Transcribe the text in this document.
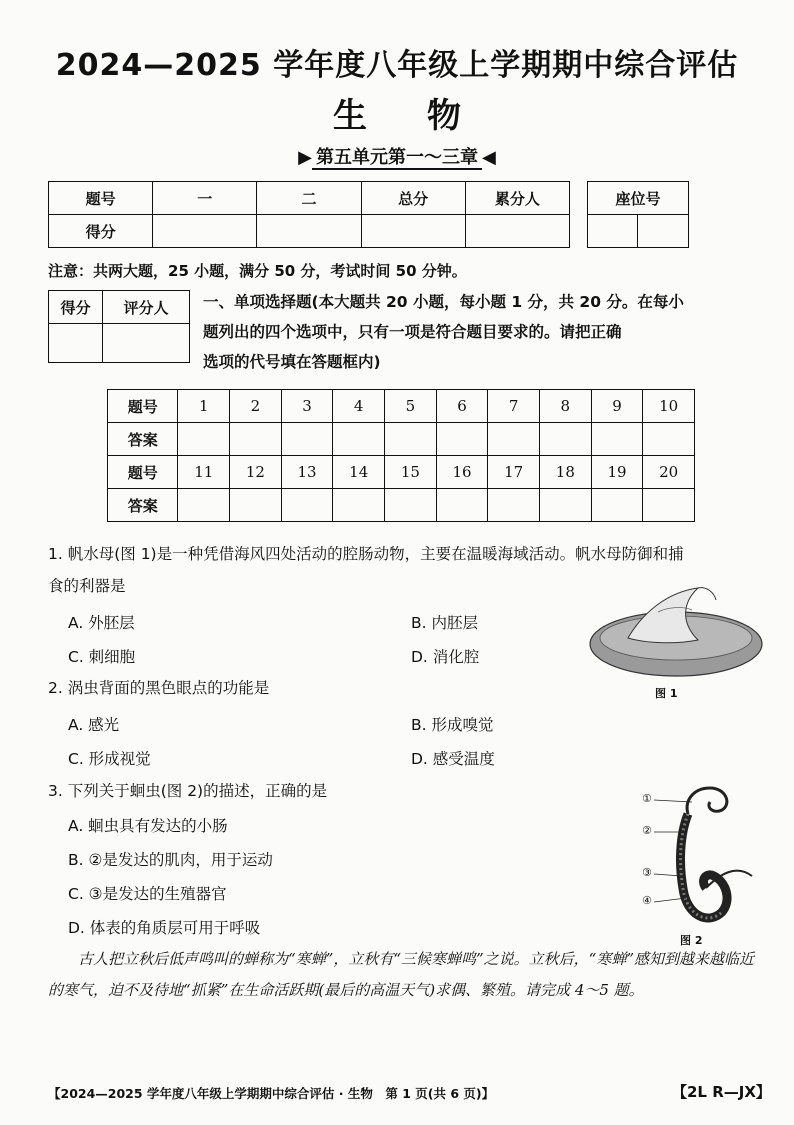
2024—2025 学年度八年级上学期期中综合评估
生物
▶ 第五单元第一～三章 ◀
题号	一	二	总分	累分人
得分				
座位号

注意：共两大题，25 小题，满分 50 分，考试时间 50 分钟。
得分	评分人
	一、单项选择题(本大题共 20 小题，每小题 1 分，共 20 分。在每小
题列出的四个选项中，只有一项是符合题目要求的。请把正确
选项的代号填在答题框内)
题号	1	2	3	4	5	6	7	8	9	10
答案										
题号	11	12	13	14	15	16	17	18	19	20
答案										
1. 帆水母(图 1)是一种凭借海风四处活动的腔肠动物，主要在温暖海域活动。帆水母防御和捕
食的利器是
A. 外胚层	B. 内胚层
C. 刺细胞	D. 消化腔
图 1
2. 涡虫背面的黑色眼点的功能是
A. 感光	B. 形成嗅觉
C. 形成视觉	D. 感受温度
3. 下列关于蛔虫(图 2)的描述，正确的是
A. 蛔虫具有发达的小肠
B. ②是发达的肌肉，用于运动
C. ③是发达的生殖器官
D. 体表的角质层可用于呼吸
①
②
③
④
图 2
古人把立秋后低声鸣叫的蝉称为“寒蝉”，立秋有“三候寒蝉鸣”之说。立秋后，“寒蝉”感知到越来越临近的寒气，迫不及待地“抓紧”在生命活跃期(最后的高温天气)求偶、繁殖。请完成 4～5 题。
【2024—2025 学年度八年级上学期期中综合评估 · 生物　第 1 页(共 6 页)】	【2L R—JX】
